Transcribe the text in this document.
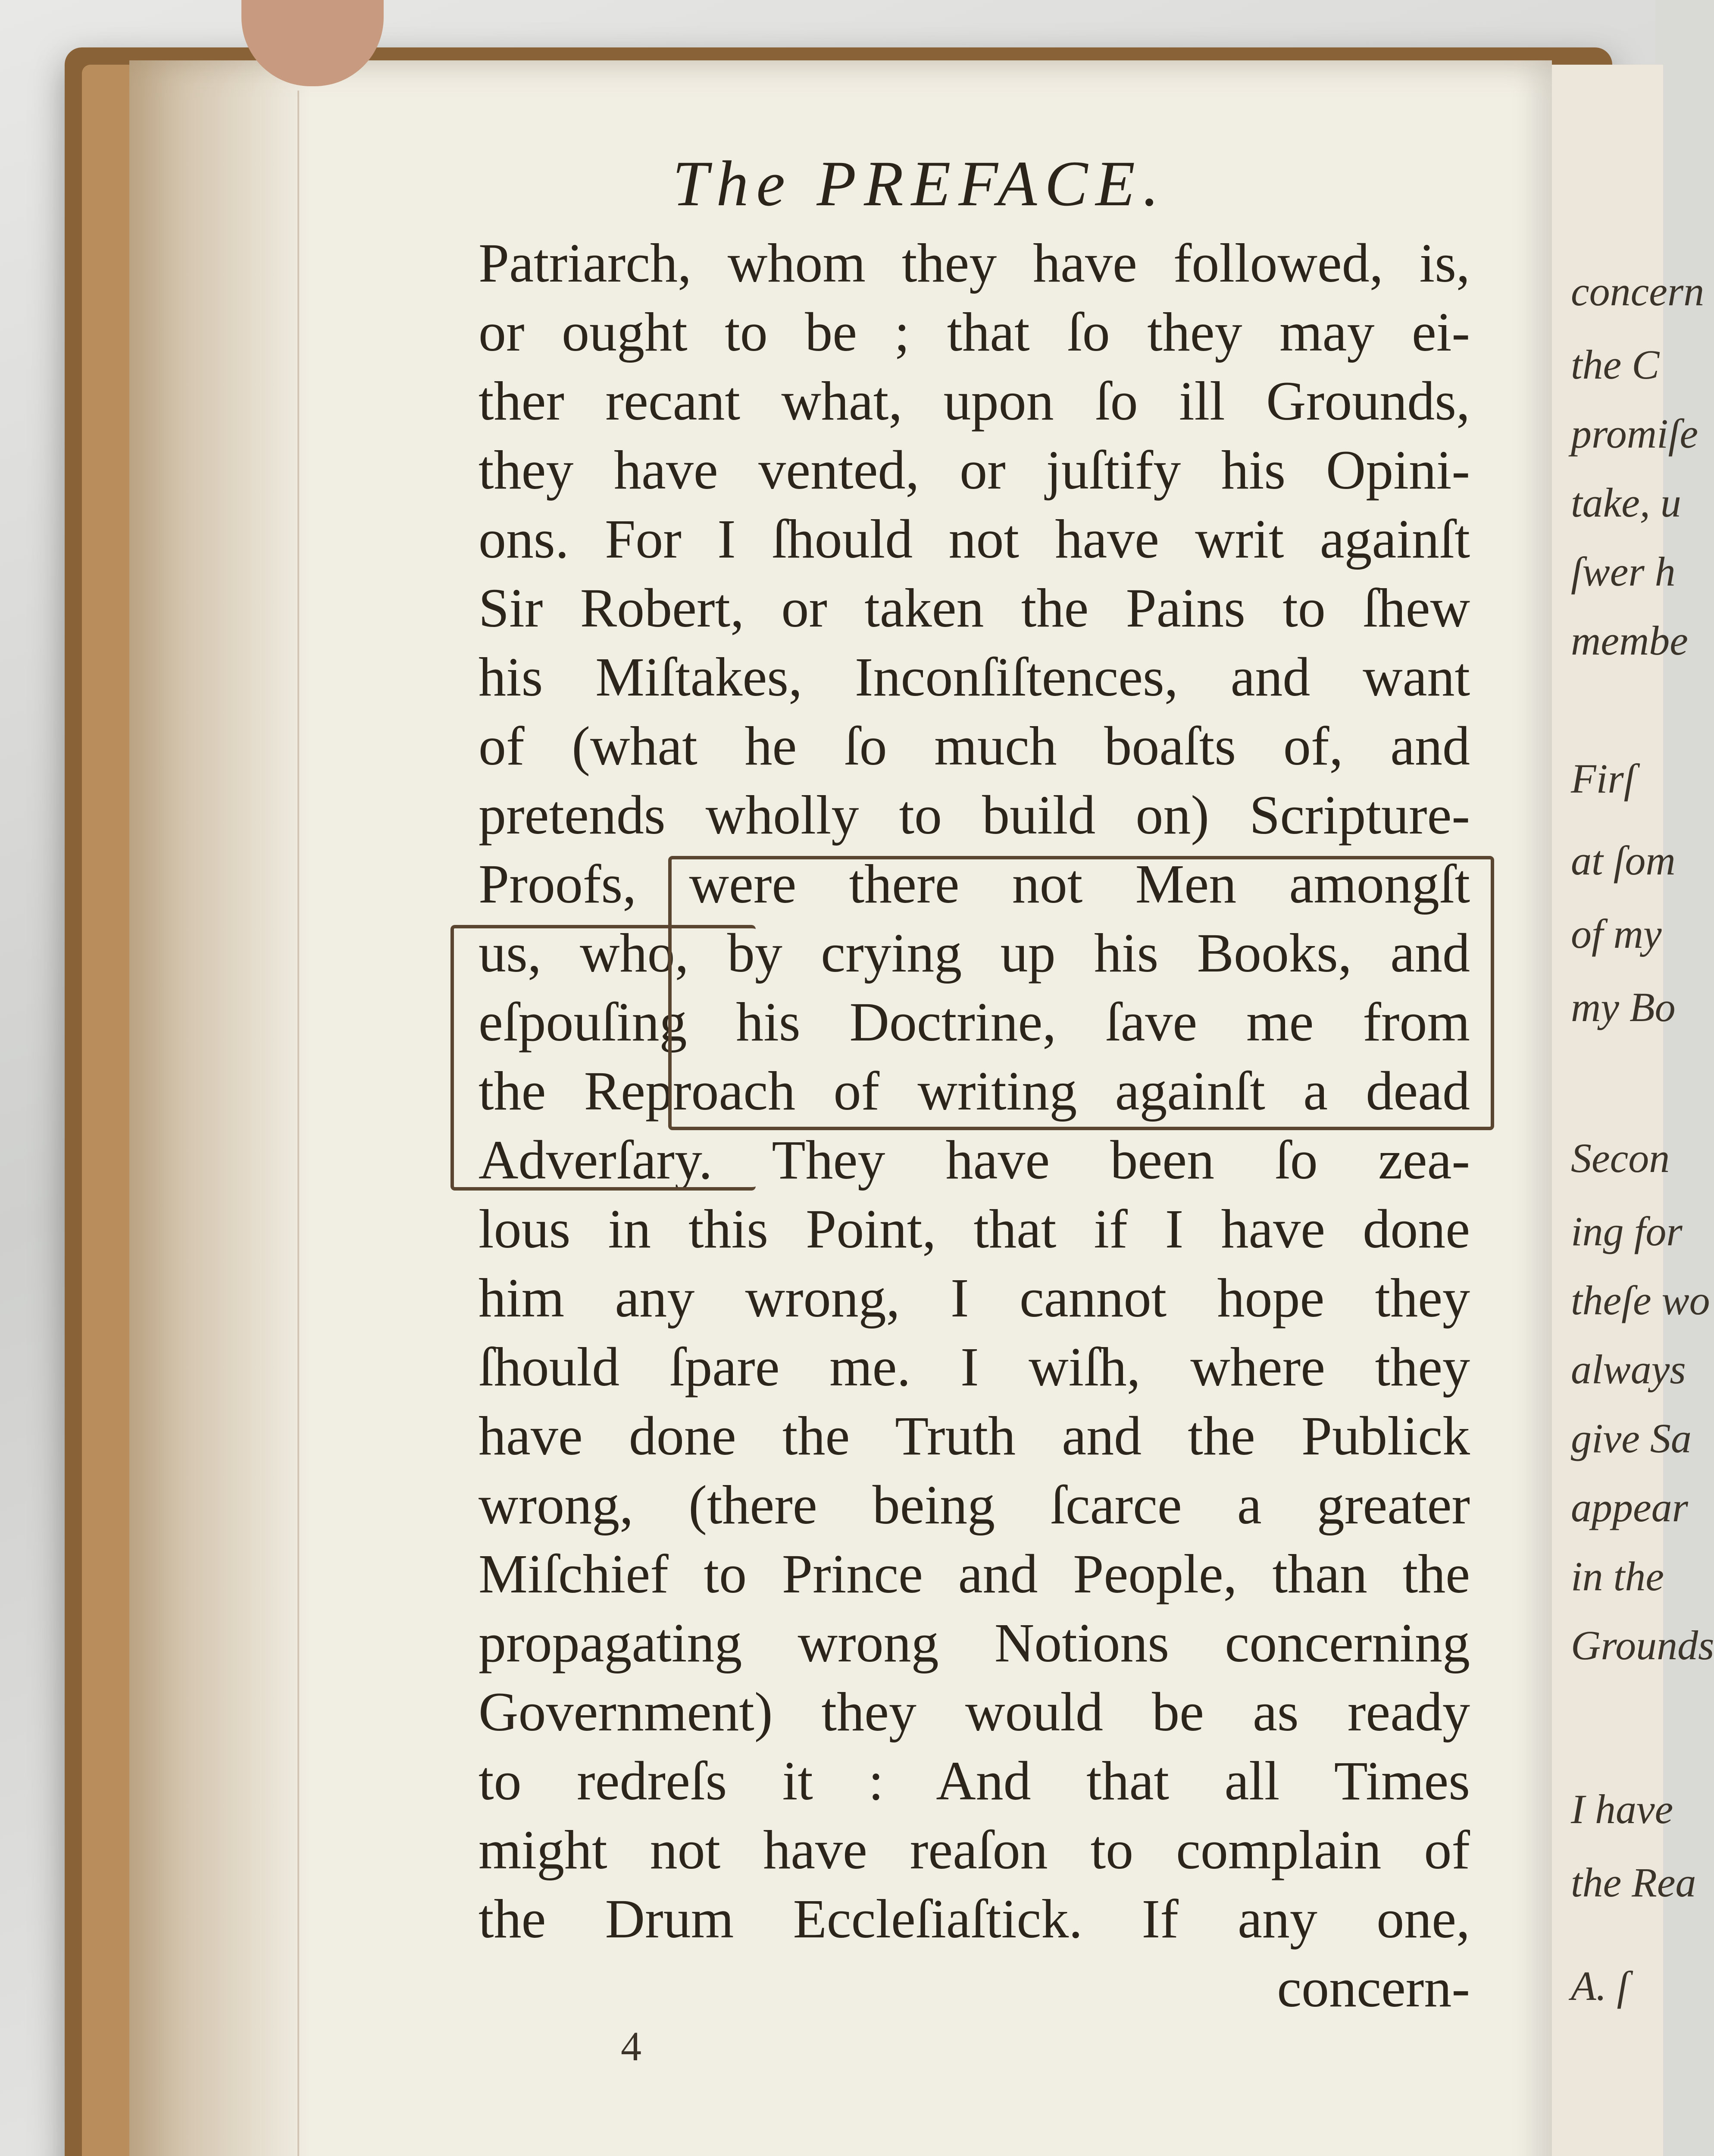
concern
the C
promiſe
take, u
ſwer h
membe
Firſ
at ſom
of my
my Bo
Secon
ing for
theſe wo
always
give Sa
appear
in the
Grounds
I have
the Rea
A. ſ
The PREFACE.
Patriarch, whom they have followed, is,
or ought to be ; that ſo they may ei-
ther recant what, upon ſo ill Grounds,
they have vented, or juſtify his Opini-
ons. For I ſhould not have writ againſt
Sir Robert, or taken the Pains to ſhew
his Miſtakes, Inconſiſtences, and want
of (what he ſo much boaſts of, and
pretends wholly to build on) Scripture-
Proofs, were there not Men amongſt
us, who, by crying up his Books, and
eſpouſing his Doctrine, ſave me from
the Reproach of writing againſt a dead
Adverſary. They have been ſo zea-
lous in this Point, that if I have done
him any wrong, I cannot hope they
ſhould ſpare me. I wiſh, where they
have done the Truth and the Publick
wrong, (there being ſcarce a greater
Miſchief to Prince and People, than the
propagating wrong Notions concerning
Government) they would be as ready
to redreſs it : And that all Times
might not have reaſon to complain of
the Drum Eccleſiaſtick. If any one,
concern-
4
